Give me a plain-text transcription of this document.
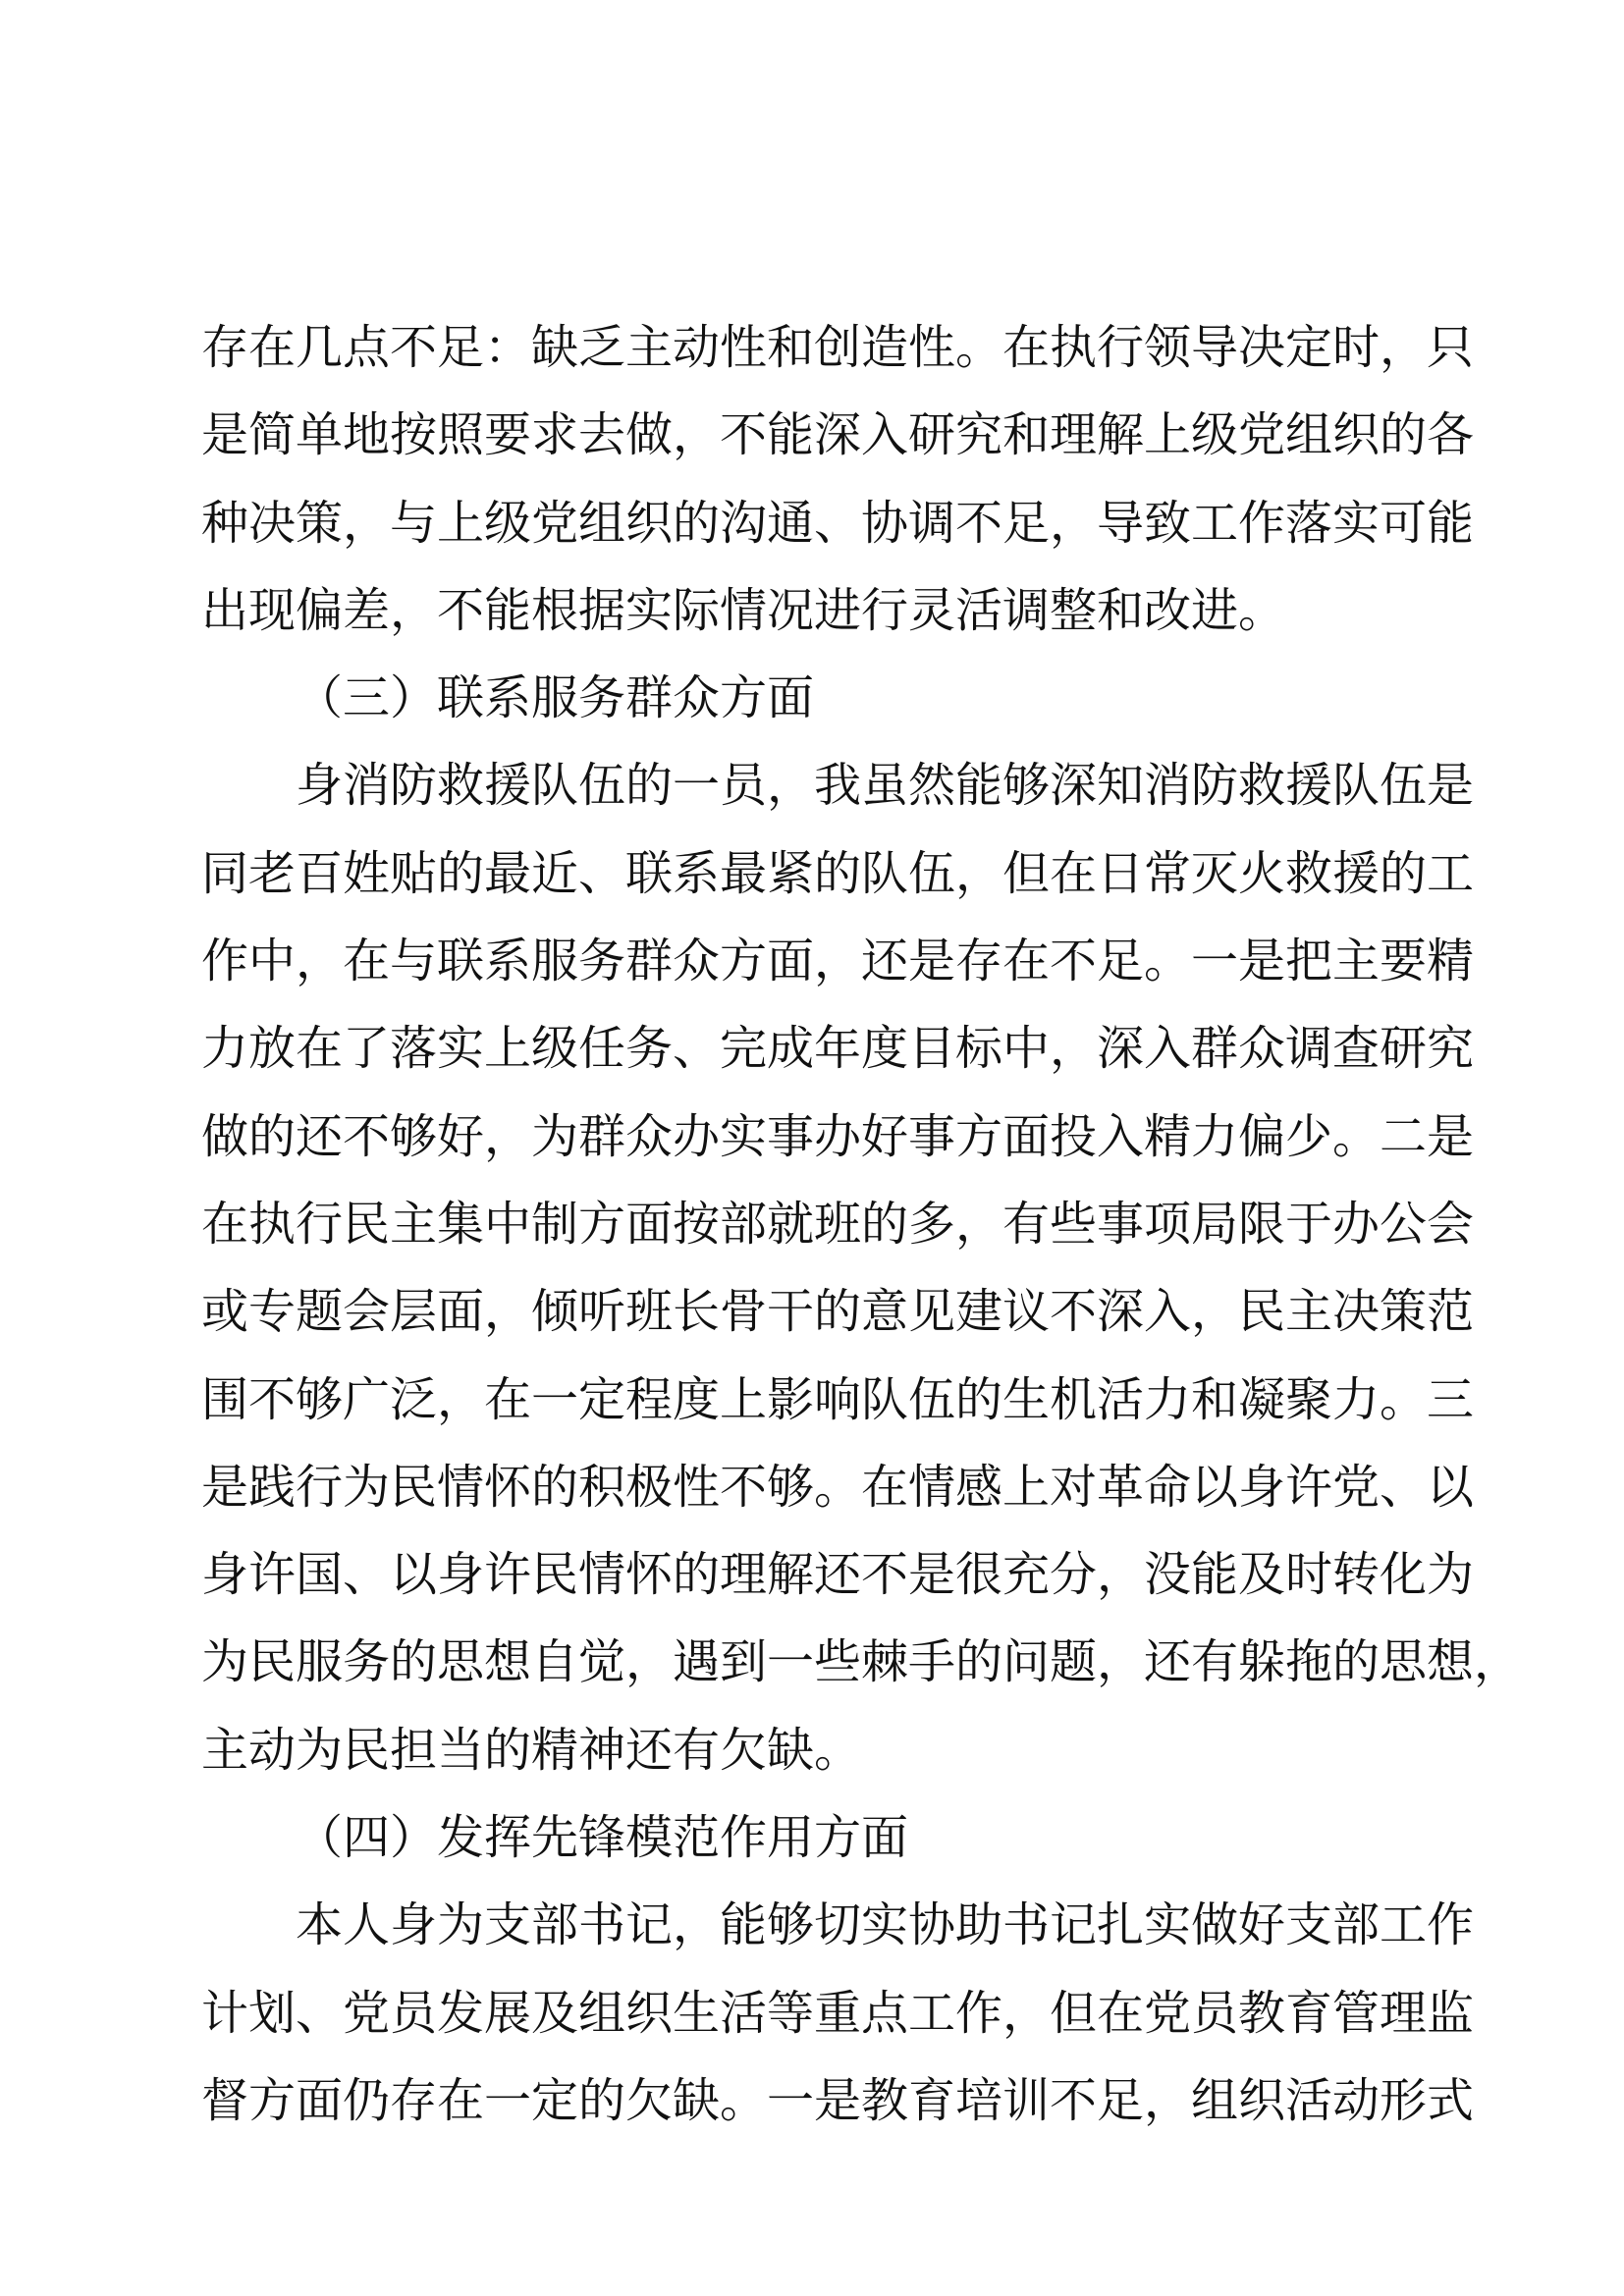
存在几点不足：缺乏主动性和创造性。在执行领导决定时，只
是简单地按照要求去做，不能深入研究和理解上级党组织的各
种决策，与上级党组织的沟通、协调不足，导致工作落实可能
出现偏差，不能根据实际情况进行灵活调整和改进。
（三）联系服务群众方面
身消防救援队伍的一员，我虽然能够深知消防救援队伍是
同老百姓贴的最近、联系最紧的队伍，但在日常灭火救援的工
作中，在与联系服务群众方面，还是存在不足。一是把主要精
力放在了落实上级任务、完成年度目标中，深入群众调查研究
做的还不够好，为群众办实事办好事方面投入精力偏少。二是
在执行民主集中制方面按部就班的多，有些事项局限于办公会
或专题会层面，倾听班长骨干的意见建议不深入，民主决策范
围不够广泛，在一定程度上影响队伍的生机活力和凝聚力。三
是践行为民情怀的积极性不够。在情感上对革命以身许党、以
身许国、以身许民情怀的理解还不是很充分，没能及时转化为
为民服务的思想自觉，遇到一些棘手的问题，还有躲拖的思想，
主动为民担当的精神还有欠缺。
（四）发挥先锋模范作用方面
本人身为支部书记，能够切实协助书记扎实做好支部工作
计划、党员发展及组织生活等重点工作，但在党员教育管理监
督方面仍存在一定的欠缺。一是教育培训不足，组织活动形式
